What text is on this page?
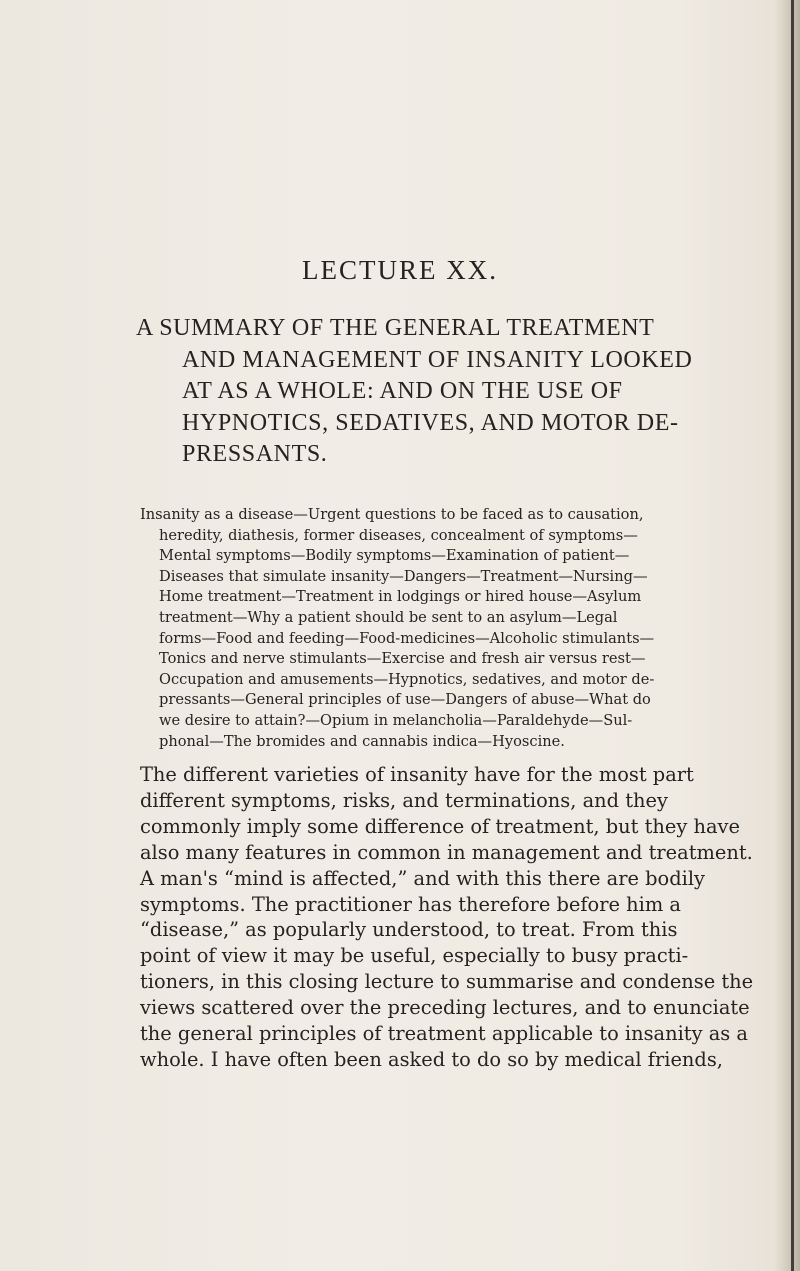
LECTURE XX.
A SUMMARY OF THE GENERAL TREATMENT
AND MANAGEMENT OF INSANITY LOOKED
AT AS A WHOLE: AND ON THE USE OF
HYPNOTICS, SEDATIVES, AND MOTOR DE-
PRESSANTS.

Insanity as a disease—Urgent questions to be faced as to causation,
heredity, diathesis, former diseases, concealment of symptoms—
Mental symptoms—Bodily symptoms—Examination of patient—
Diseases that simulate insanity—Dangers—Treatment—Nursing—
Home treatment—Treatment in lodgings or hired house—Asylum
treatment—Why a patient should be sent to an asylum—Legal
forms—Food and feeding—Food-medicines—Alcoholic stimulants—
Tonics and nerve stimulants—Exercise and fresh air versus rest—
Occupation and amusements—Hypnotics, sedatives, and motor de-
pressants—General principles of use—Dangers of abuse—What do
we desire to attain?—Opium in melancholia—Paraldehyde—Sul-
phonal—The bromides and cannabis indica—Hyoscine.

The different varieties of insanity have for the most part
different symptoms, risks, and terminations, and they
commonly imply some difference of treatment, but they have
also many features in common in management and treatment.
A man's “mind is affected,” and with this there are bodily
symptoms. The practitioner has therefore before him a
“disease,” as popularly understood, to treat. From this
point of view it may be useful, especially to busy practi-
tioners, in this closing lecture to summarise and condense the
views scattered over the preceding lectures, and to enunciate
the general principles of treatment applicable to insanity as a
whole. I have often been asked to do so by medical friends,
